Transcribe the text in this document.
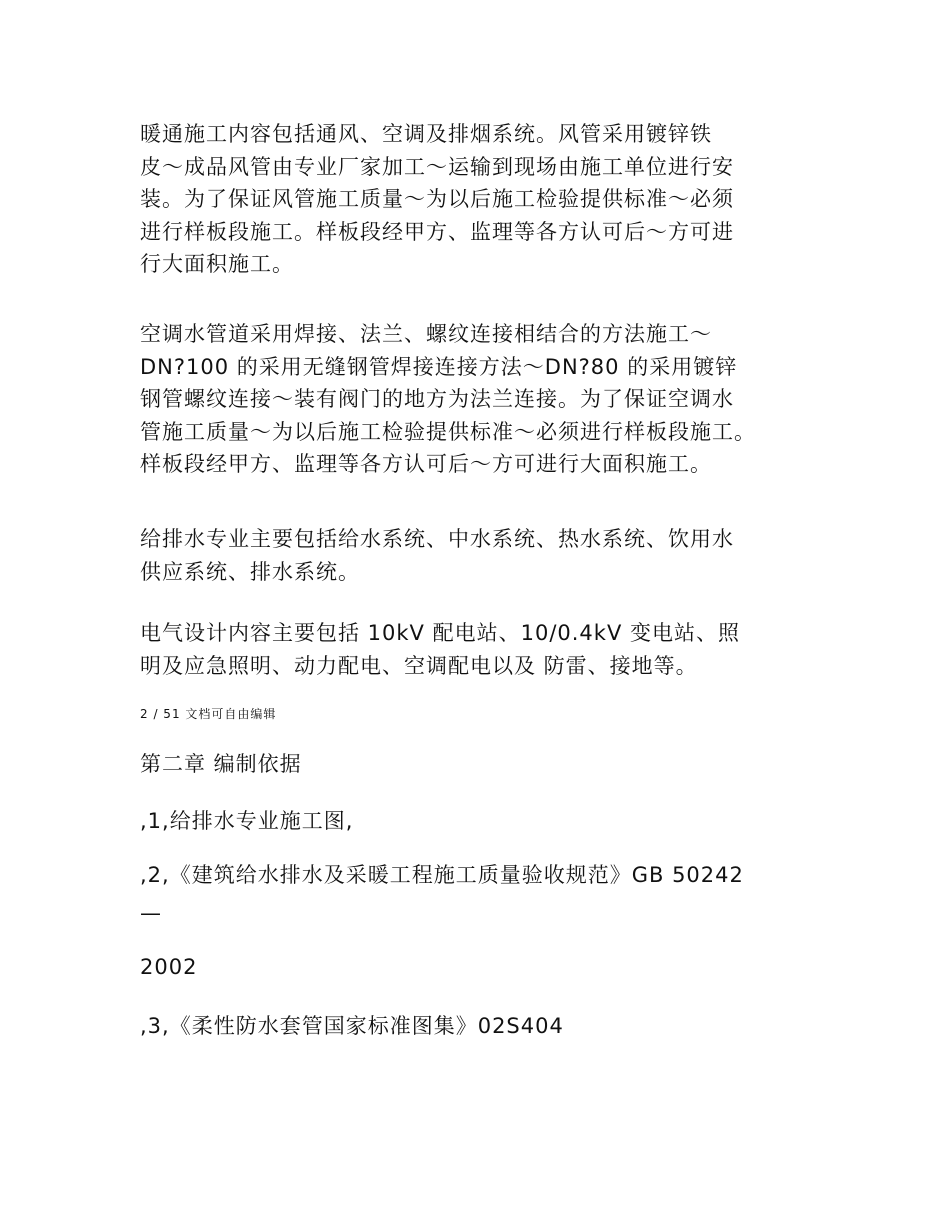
暖通施工内容包括通风、空调及排烟系统。风管采用镀锌铁
皮～成品风管由专业厂家加工～运输到现场由施工单位进行安
装。为了保证风管施工质量～为以后施工检验提供标准～必须
进行样板段施工。样板段经甲方、监理等各方认可后～方可进
行大面积施工。

空调水管道采用焊接、法兰、螺纹连接相结合的方法施工～
DN?100 的采用无缝钢管焊接连接方法～DN?80 的采用镀锌
钢管螺纹连接～装有阀门的地方为法兰连接。为了保证空调水
管施工质量～为以后施工检验提供标准～必须进行样板段施工。
样板段经甲方、监理等各方认可后～方可进行大面积施工。

给排水专业主要包括给水系统、中水系统、热水系统、饮用水
供应系统、排水系统。

电气设计内容主要包括 10kV 配电站、10/0.4kV 变电站、照
明及应急照明、动力配电、空调配电以及 防雷、接地等。

2 / 51 文档可自由编辑
第二章 编制依据

,1,给排水专业施工图,

,2,《建筑给水排水及采暖工程施工质量验收规范》GB 50242

—

2002

,3,《柔性防水套管国家标准图集》02S404
